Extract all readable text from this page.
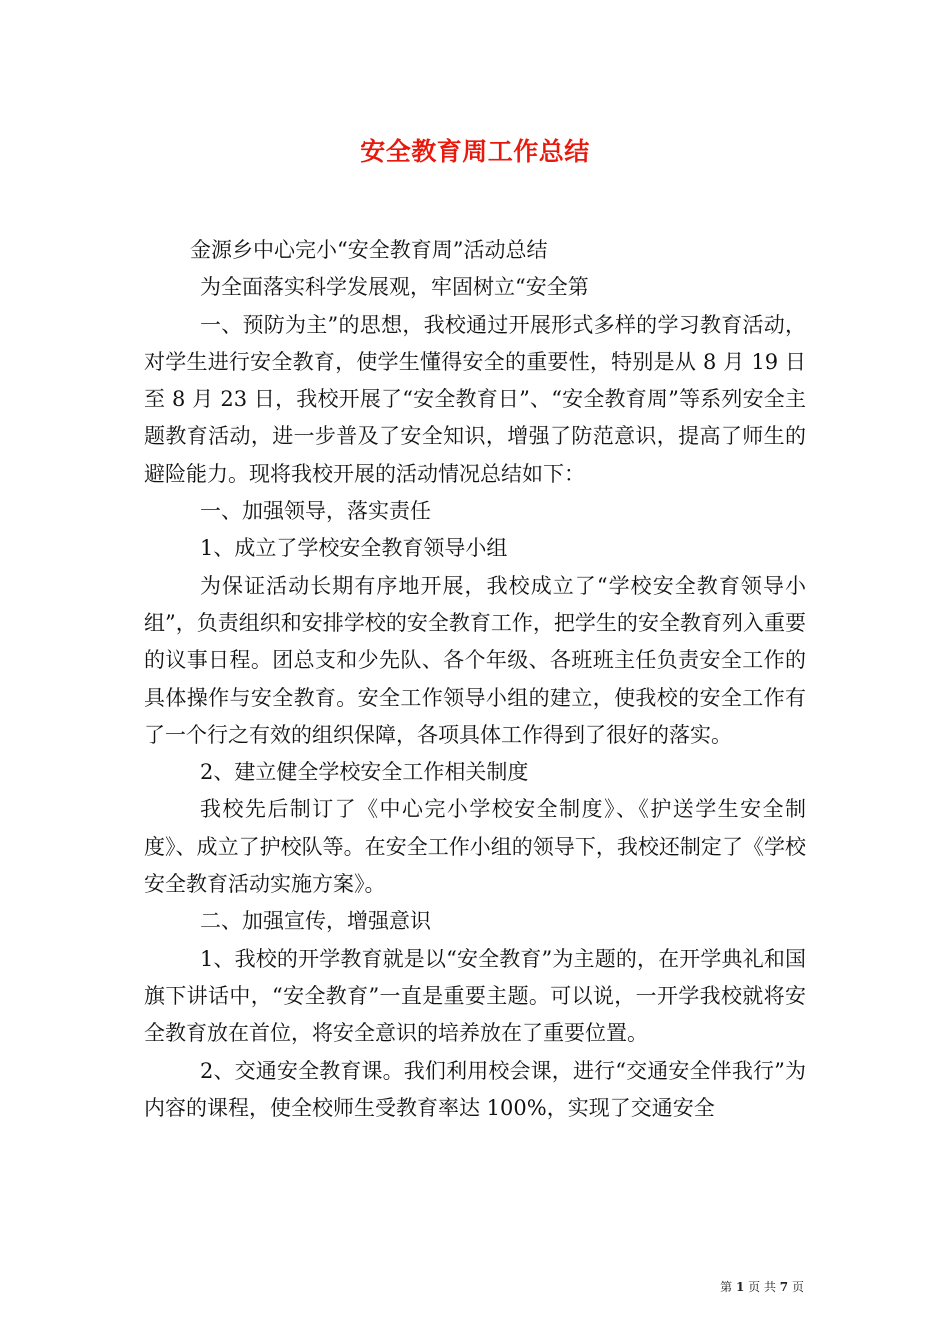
安全教育周工作总结

金源乡中心完小“安全教育周”活动总结

为全面落实科学发展观，牢固树立“安全第

一、预防为主”的思想，我校通过开展形式多样的学习教育活动，对学生进行安全教育，使学生懂得安全的重要性，特别是从 8 月 19 日至 8 月 23 日，我校开展了“安全教育日”、“安全教育周”等系列安全主题教育活动，进一步普及了安全知识，增强了防范意识，提高了师生的避险能力。现将我校开展的活动情况总结如下：

一、加强领导，落实责任

1、成立了学校安全教育领导小组

为保证活动长期有序地开展，我校成立了“学校安全教育领导小组”，负责组织和安排学校的安全教育工作，把学生的安全教育列入重要的议事日程。团总支和少先队、各个年级、各班班主任负责安全工作的具体操作与安全教育。安全工作领导小组的建立，使我校的安全工作有了一个行之有效的组织保障，各项具体工作得到了很好的落实。

2、建立健全学校安全工作相关制度

我校先后制订了《中心完小学校安全制度》、《护送学生安全制度》、成立了护校队等。在安全工作小组的领导下，我校还制定了《学校安全教育活动实施方案》。

二、加强宣传，增强意识

1、我校的开学教育就是以“安全教育”为主题的，在开学典礼和国旗下讲话中，“安全教育”一直是重要主题。可以说，一开学我校就将安全教育放在首位，将安全意识的培养放在了重要位置。

2、交通安全教育课。我们利用校会课，进行“交通安全伴我行”为内容的课程，使全校师生受教育率达 100%，实现了交通安全

第 1 页 共 7 页
